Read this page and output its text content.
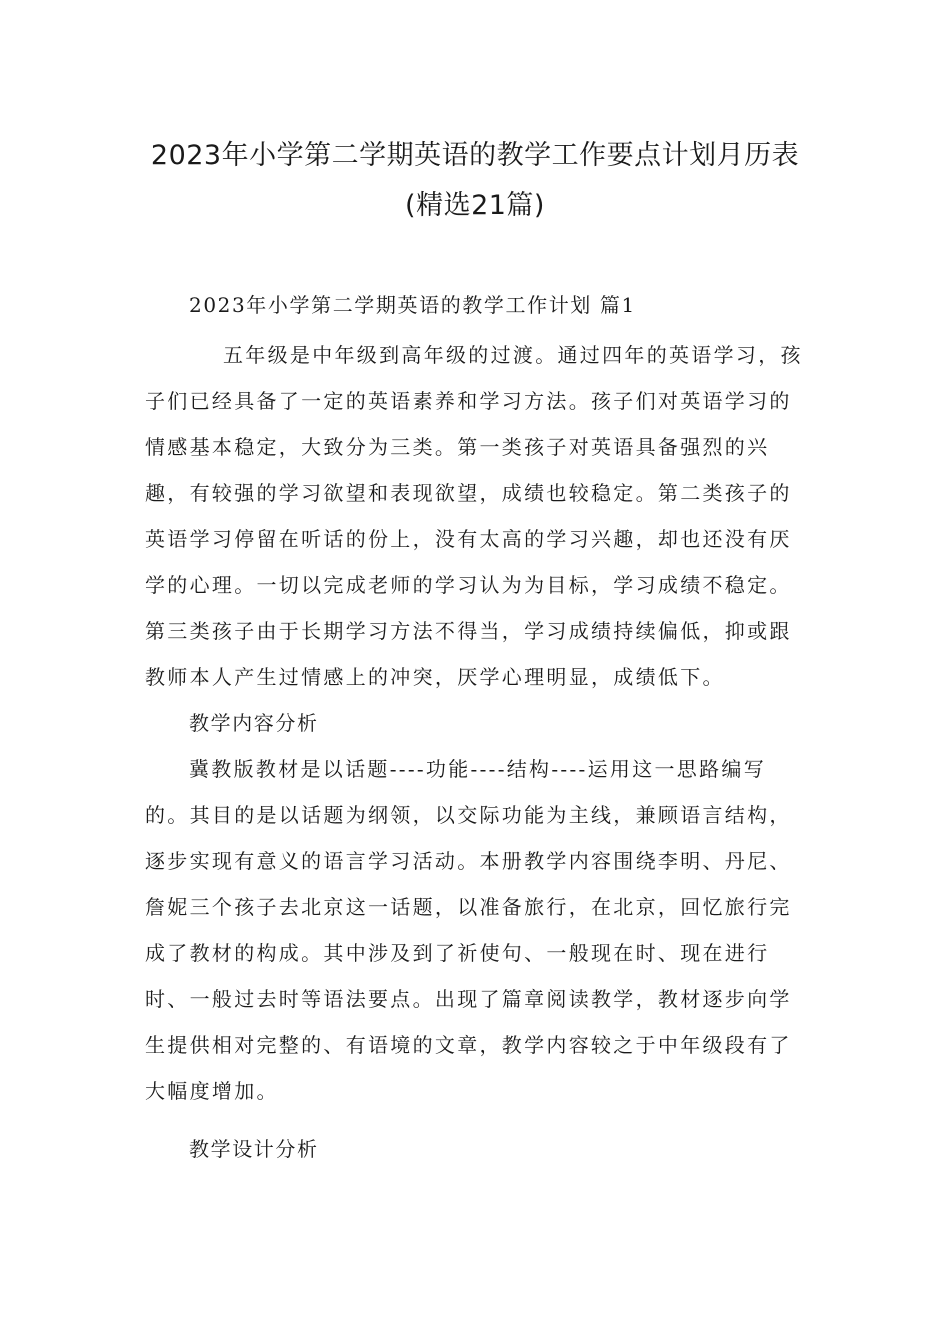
2023年小学第二学期英语的教学工作要点计划月历表
(精选21篇)
2023年小学第二学期英语的教学工作计划 篇1
五年级是中年级到高年级的过渡。通过四年的英语学习，孩
子们已经具备了一定的英语素养和学习方法。孩子们对英语学习的
情感基本稳定，大致分为三类。第一类孩子对英语具备强烈的兴
趣，有较强的学习欲望和表现欲望，成绩也较稳定。第二类孩子的
英语学习停留在听话的份上，没有太高的学习兴趣，却也还没有厌
学的心理。一切以完成老师的学习认为为目标，学习成绩不稳定。
第三类孩子由于长期学习方法不得当，学习成绩持续偏低，抑或跟
教师本人产生过情感上的冲突，厌学心理明显，成绩低下。
教学内容分析
冀教版教材是以话题----功能----结构----运用这一思路编写
的。其目的是以话题为纲领，以交际功能为主线，兼顾语言结构，
逐步实现有意义的语言学习活动。本册教学内容围绕李明、丹尼、
詹妮三个孩子去北京这一话题，以准备旅行，在北京，回忆旅行完
成了教材的构成。其中涉及到了祈使句、一般现在时、现在进行
时、一般过去时等语法要点。出现了篇章阅读教学，教材逐步向学
生提供相对完整的、有语境的文章，教学内容较之于中年级段有了
大幅度增加。
教学设计分析
